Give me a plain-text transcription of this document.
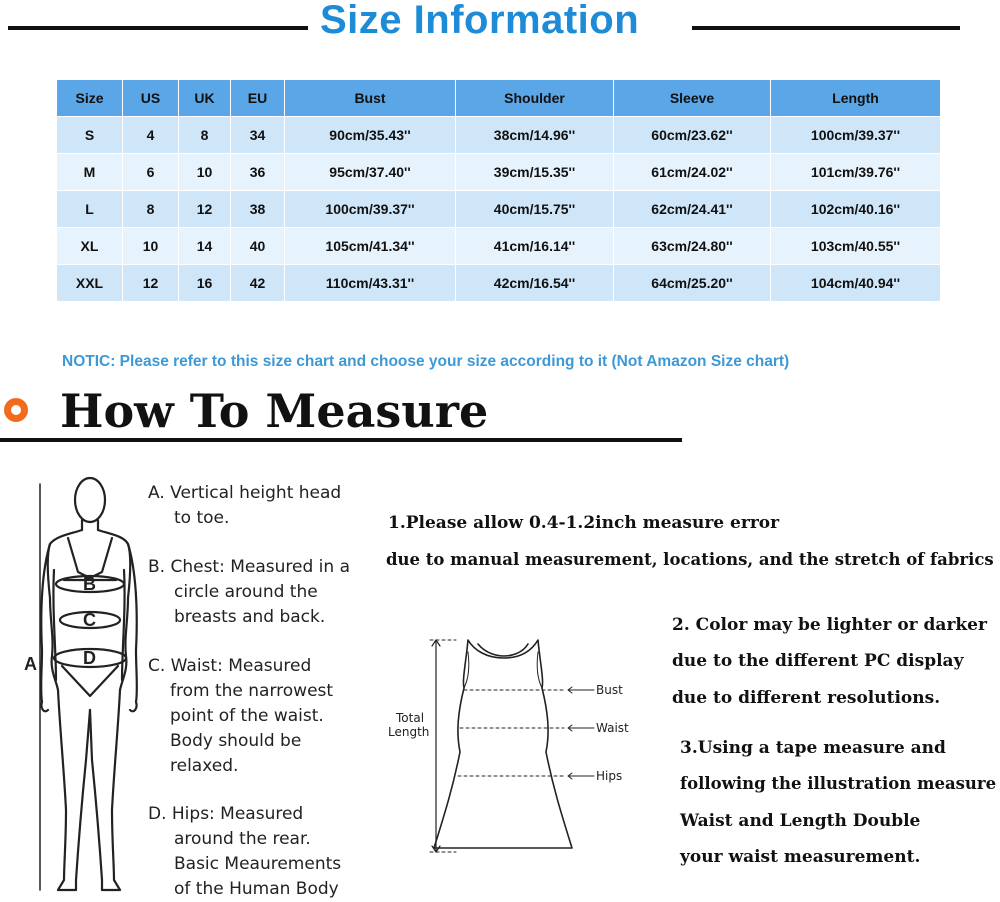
Size Information
Size	US	UK	EU	Bust	Shoulder	Sleeve	Length
S	4	8	34	90cm/35.43''	38cm/14.96''	60cm/23.62''	100cm/39.37''
M	6	10	36	95cm/37.40''	39cm/15.35''	61cm/24.02''	101cm/39.76''
L	8	12	38	100cm/39.37''	40cm/15.75''	62cm/24.41''	102cm/40.16''
XL	10	14	40	105cm/41.34''	41cm/16.14''	63cm/24.80''	103cm/40.55''
XXL	12	16	42	110cm/43.31''	42cm/16.54''	64cm/25.20''	104cm/40.94''
NOTIC: Please refer to this size chart and choose your size according to it (Not Amazon Size chart)
How To Measure
A
B
C
D

A. Vertical height head

to toe.

B. Chest: Measured in a

circle around the

breasts and back.

C. Waist: Measured

from the narrowest

point of the waist.

Body should be

relaxed.

D. Hips: Measured

around the rear.

Basic Meaurements

of the Human Body

1.Please allow 0.4-1.2inch measure error
due to manual measurement, locations, and the stretch of fabrics
Total
Length
Bust
Waist
Hips
2. Color may be lighter or darker
due to the different PC display
due to different resolutions.
3.Using a tape measure and
following the illustration measure
Waist and Length Double
your waist measurement.
